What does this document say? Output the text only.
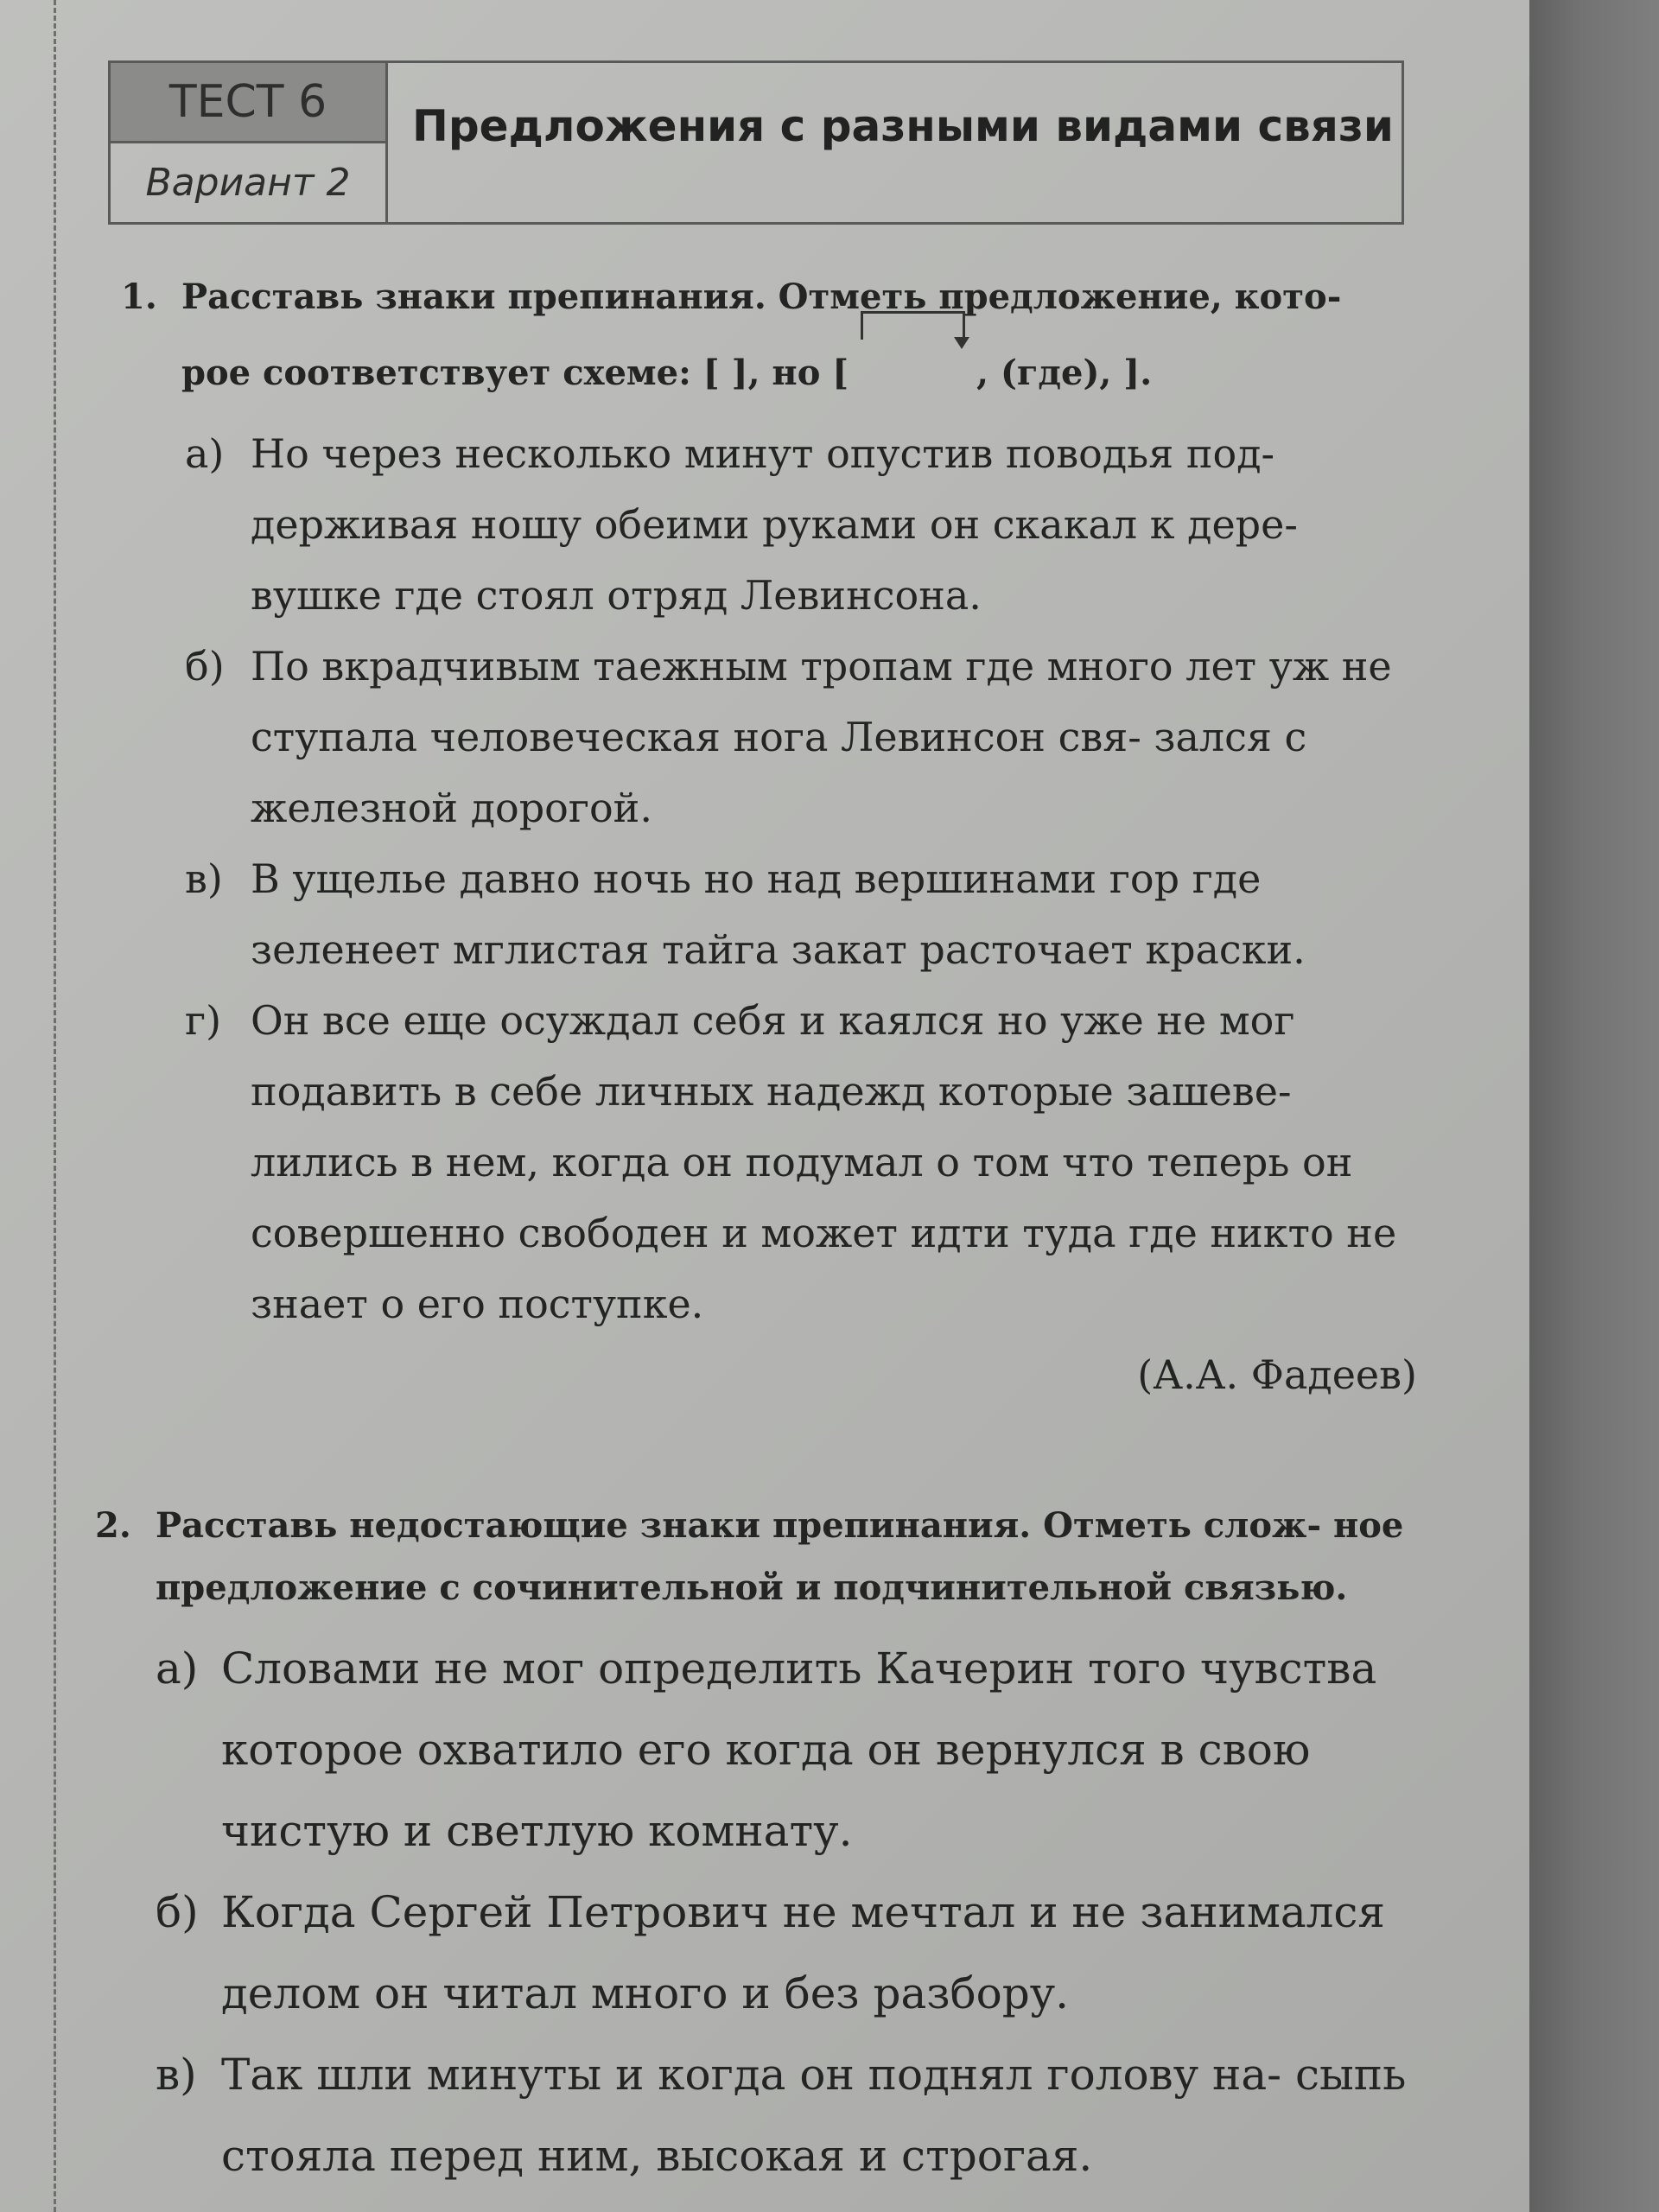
ТЕСТ 6
Вариант 2
Предложения с разными видами связи
1. Расставь знаки препинания. Отметь предложение, кото-
рое соответствует схеме: [ ], но [	, (где), ].
а) Но через несколько минут опустив поводья под- держивая ношу обеими руками он скакал к дере- вушке где стоял отряд Левинсона.
б) По вкрадчивым таежным тропам где много лет уж не ступала человеческая нога Левинсон свя- зался с железной дорогой.
в) В ущелье давно ночь но над вершинами гор где зеленеет мглистая тайга закат расточает краски.
г) Он все еще осуждал себя и каялся но уже не мог подавить в себе личных надежд которые зашеве- лились в нем, когда он подумал о том что теперь он совершенно свободен и может идти туда где никто не знает о его поступке.
(А.А. Фадеев)
2. Расставь недостающие знаки препинания. Отметь слож- ное предложение с сочинительной и подчинительной связью.
а) Словами не мог определить Качерин того чувства которое охватило его когда он вернулся в свою чистую и светлую комнату.
б) Когда Сергей Петрович не мечтал и не занимался делом он читал много и без разбору.
в) Так шли минуты и когда он поднял голову на- сыпь стояла перед ним, высокая и строгая.
